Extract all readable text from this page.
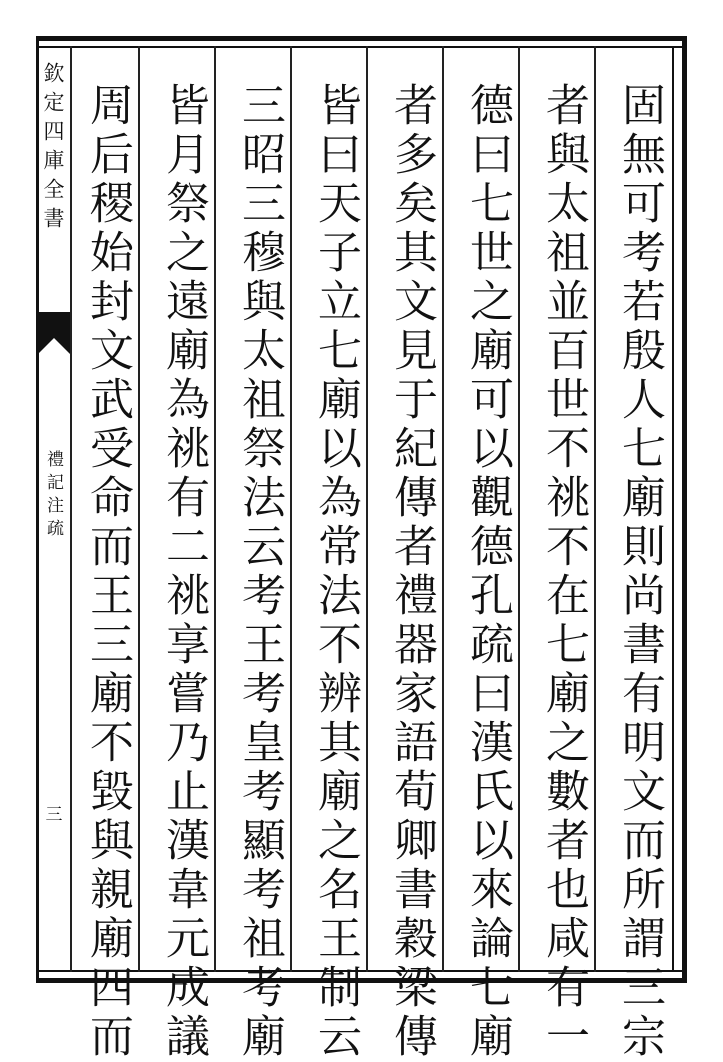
欽定四庫全書
禮記注疏
三	固無可考若殷人七廟則尚書有明文而所謂三宗
者與太祖並百世不祧不在七廟之數者也咸有一
德曰七世之廟可以觀德孔疏曰漢氏以來論七廟
者多矣其文見于紀傳者禮器家語荀卿書穀梁傳
皆曰天子立七廟以為常法不辨其廟之名王制云
三昭三穆與太祖祭法云考王考皇考顯考祖考廟
皆月祭之遠廟為祧有二祧享嘗乃止漢韋元成議
周后稷始封文武受命而王三廟不毀與親廟四而
